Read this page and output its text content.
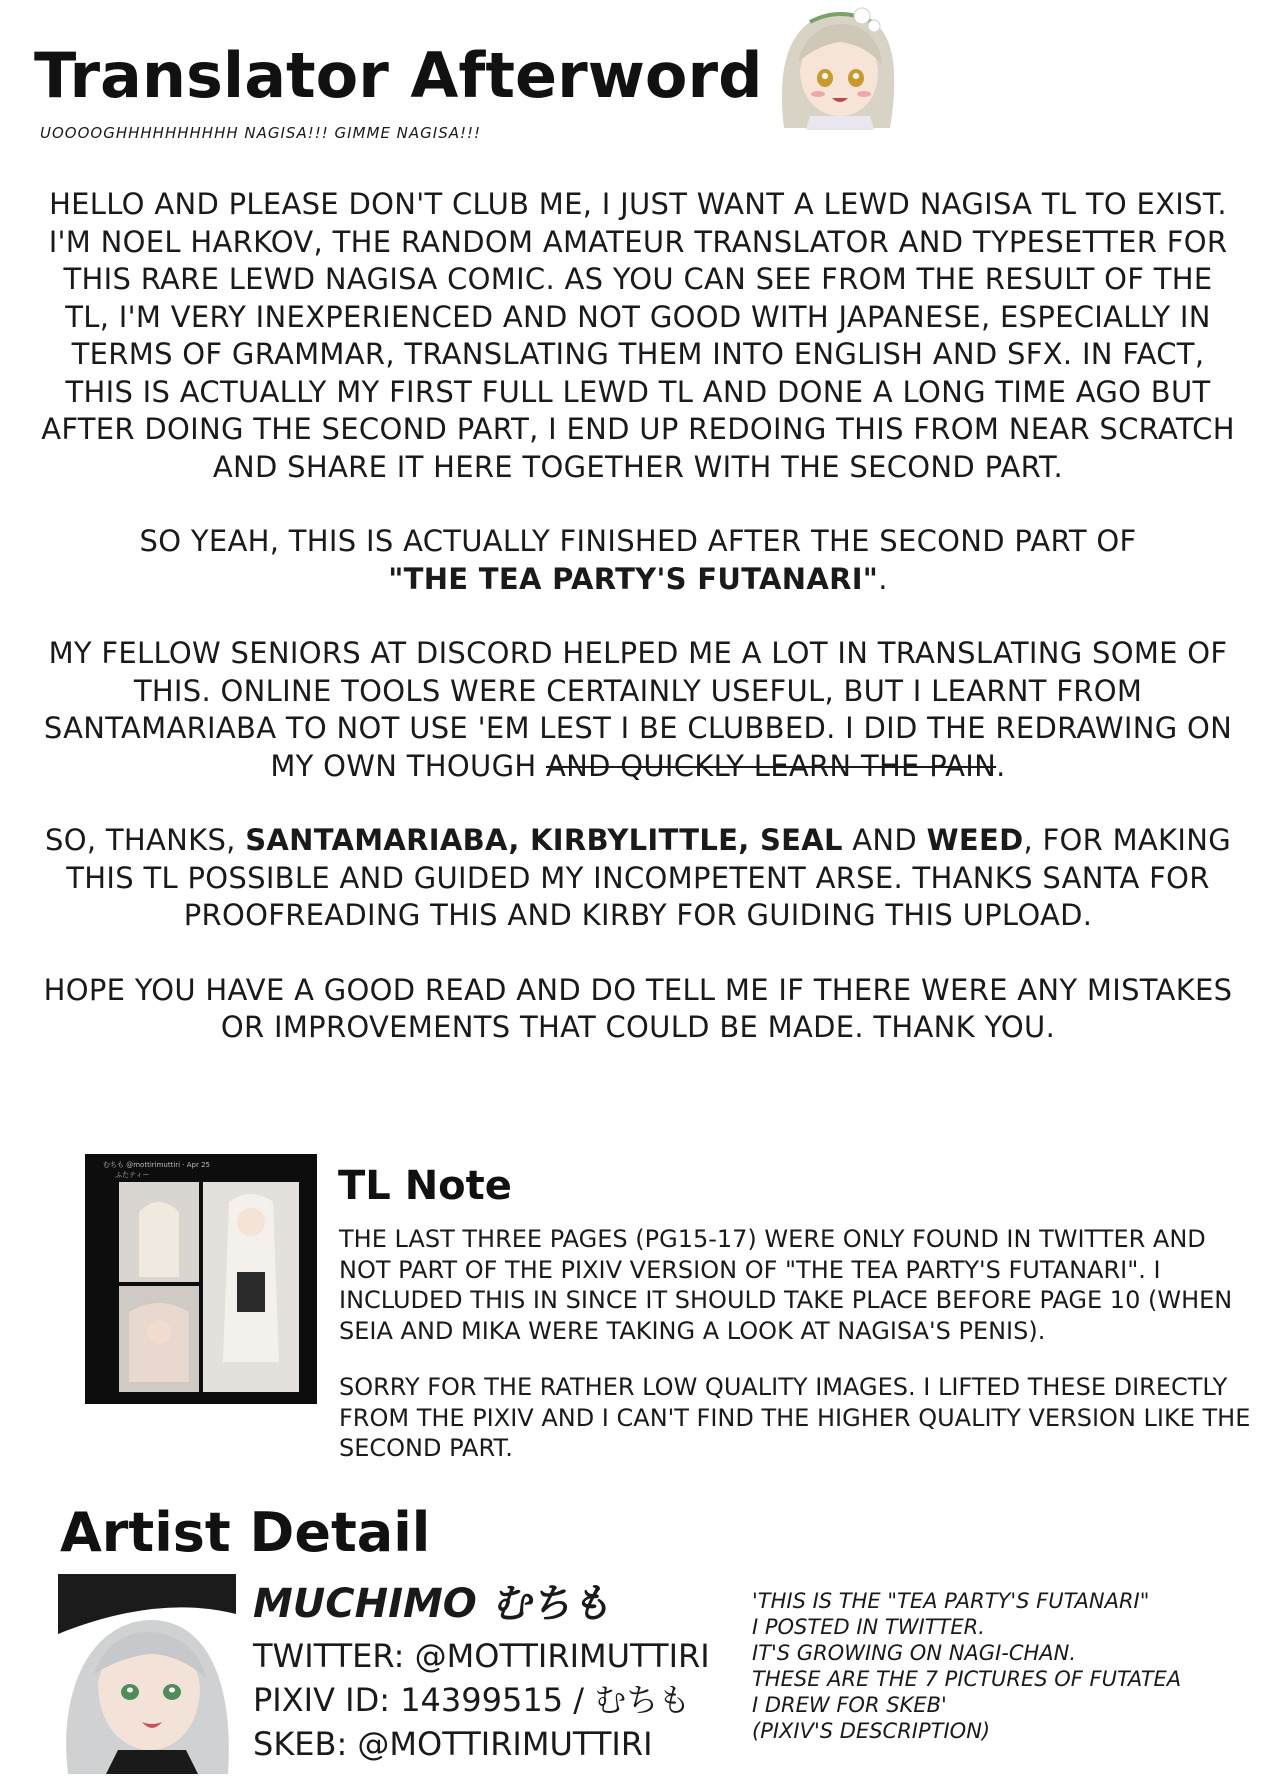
Translator Afterword
UOOOOGHHHHHHHHHH NAGISA!!! GIMME NAGISA!!!

HELLO AND PLEASE DON'T CLUB ME, I JUST WANT A LEWD NAGISA TL TO EXIST. I'M NOEL HARKOV, THE RANDOM AMATEUR TRANSLATOR AND TYPESETTER FOR THIS RARE LEWD NAGISA COMIC. AS YOU CAN SEE FROM THE RESULT OF THE TL, I'M VERY INEXPERIENCED AND NOT GOOD WITH JAPANESE, ESPECIALLY IN TERMS OF GRAMMAR, TRANSLATING THEM INTO ENGLISH AND SFX. IN FACT, THIS IS ACTUALLY MY FIRST FULL LEWD TL AND DONE A LONG TIME AGO BUT AFTER DOING THE SECOND PART, I END UP REDOING THIS FROM NEAR SCRATCH AND SHARE IT HERE TOGETHER WITH THE SECOND PART.

SO YEAH, THIS IS ACTUALLY FINISHED AFTER THE SECOND PART OF
"THE TEA PARTY'S FUTANARI".

MY FELLOW SENIORS AT DISCORD HELPED ME A LOT IN TRANSLATING SOME OF THIS. ONLINE TOOLS WERE CERTAINLY USEFUL, BUT I LEARNT FROM SANTAMARIABA TO NOT USE 'EM LEST I BE CLUBBED. I DID THE REDRAWING ON MY OWN THOUGH AND QUICKLY LEARN THE PAIN.

SO, THANKS, SANTAMARIABA, KIRBYLITTLE, SEAL AND WEED, FOR MAKING THIS TL POSSIBLE AND GUIDED MY INCOMPETENT ARSE. THANKS SANTA FOR PROOFREADING THIS AND KIRBY FOR GUIDING THIS UPLOAD.

HOPE YOU HAVE A GOOD READ AND DO TELL ME IF THERE WERE ANY MISTAKES OR IMPROVEMENTS THAT COULD BE MADE. THANK YOU.

むちも @mottirimuttiri · Apr 25
ふたティー	TL Note

THE LAST THREE PAGES (PG15-17) WERE ONLY FOUND IN TWITTER AND NOT PART OF THE PIXIV VERSION OF "THE TEA PARTY'S FUTANARI". I INCLUDED THIS IN SINCE IT SHOULD TAKE PLACE BEFORE PAGE 10 (WHEN SEIA AND MIKA WERE TAKING A LOOK AT NAGISA'S PENIS).

SORRY FOR THE RATHER LOW QUALITY IMAGES. I LIFTED THESE DIRECTLY FROM THE PIXIV AND I CAN'T FIND THE HIGHER QUALITY VERSION LIKE THE SECOND PART.

Artist Detail
MUCHIMO むちも
TWITTER: @MOTTIRIMUTTIRI
PIXIV ID: 14399515 / むちも
SKEB: @MOTTIRIMUTTIRI
'THIS IS THE "TEA PARTY'S FUTANARI"
I POSTED IN TWITTER.
IT'S GROWING ON NAGI-CHAN.
THESE ARE THE 7 PICTURES OF FUTATEA
I DREW FOR SKEB'
(PIXIV'S DESCRIPTION)
